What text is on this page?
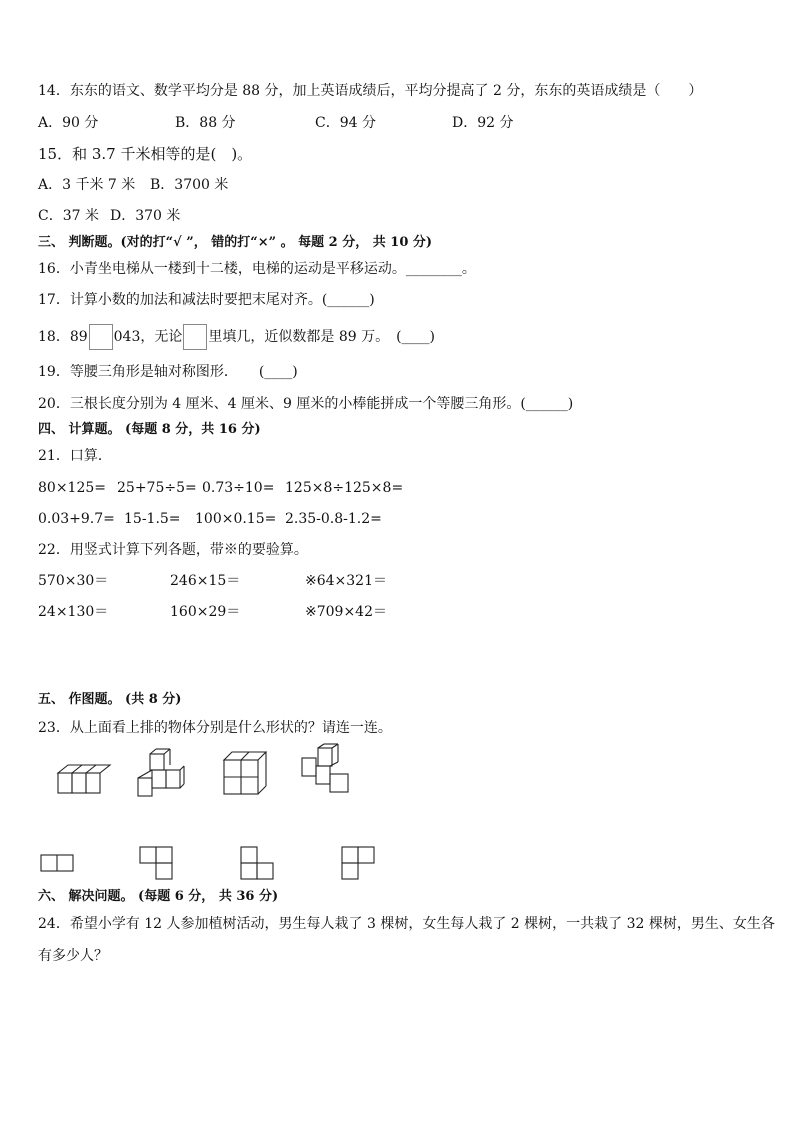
14．东东的语文、数学平均分是 88 分，加上英语成绩后，平均分提高了 2 分，东东的英语成绩是（　　）
A．90 分	B．88 分	C．94 分	D．92 分
15．和 3.7 千米相等的是(　)。
A．3 千米 7 米 B．3700 米
C．37 米 D．370 米
三、 判断题。(对的打“√ ”， 错的打“×” 。 每题 2 分， 共 10 分)
16．小青坐电梯从一楼到十二楼，电梯的运动是平移运动。________。
17．计算小数的加法和减法时要把末尾对齐。(______)
18．89 043，无论 里填几，近似数都是 89 万。　(____)
19．等腰三角形是轴对称图形．　　(____)
20．三根长度分别为 4 厘米、4 厘米、9 厘米的小棒能拼成一个等腰三角形。(______)
四、 计算题。 (每题 8 分，共 16 分)
21．口算．
80×125= 25+75÷5= 0.73÷10= 125×8÷125×8=
0.03+9.7= 15-1.5= 100×0.15= 2.35-0.8-1.2=
22．用竖式计算下列各题，带※的要验算。
570×30＝	246×15＝	※64×321＝
24×130＝	160×29＝	※709×42＝
五、 作图题。 (共 8 分)
23．从上面看上排的物体分别是什么形状的？请连一连。
六、 解决问题。 (每题 6 分， 共 36 分)
24．希望小学有 12 人参加植树活动，男生每人栽了 3 棵树，女生每人栽了 2 棵树，一共栽了 32 棵树，男生、女生各
有多少人？
